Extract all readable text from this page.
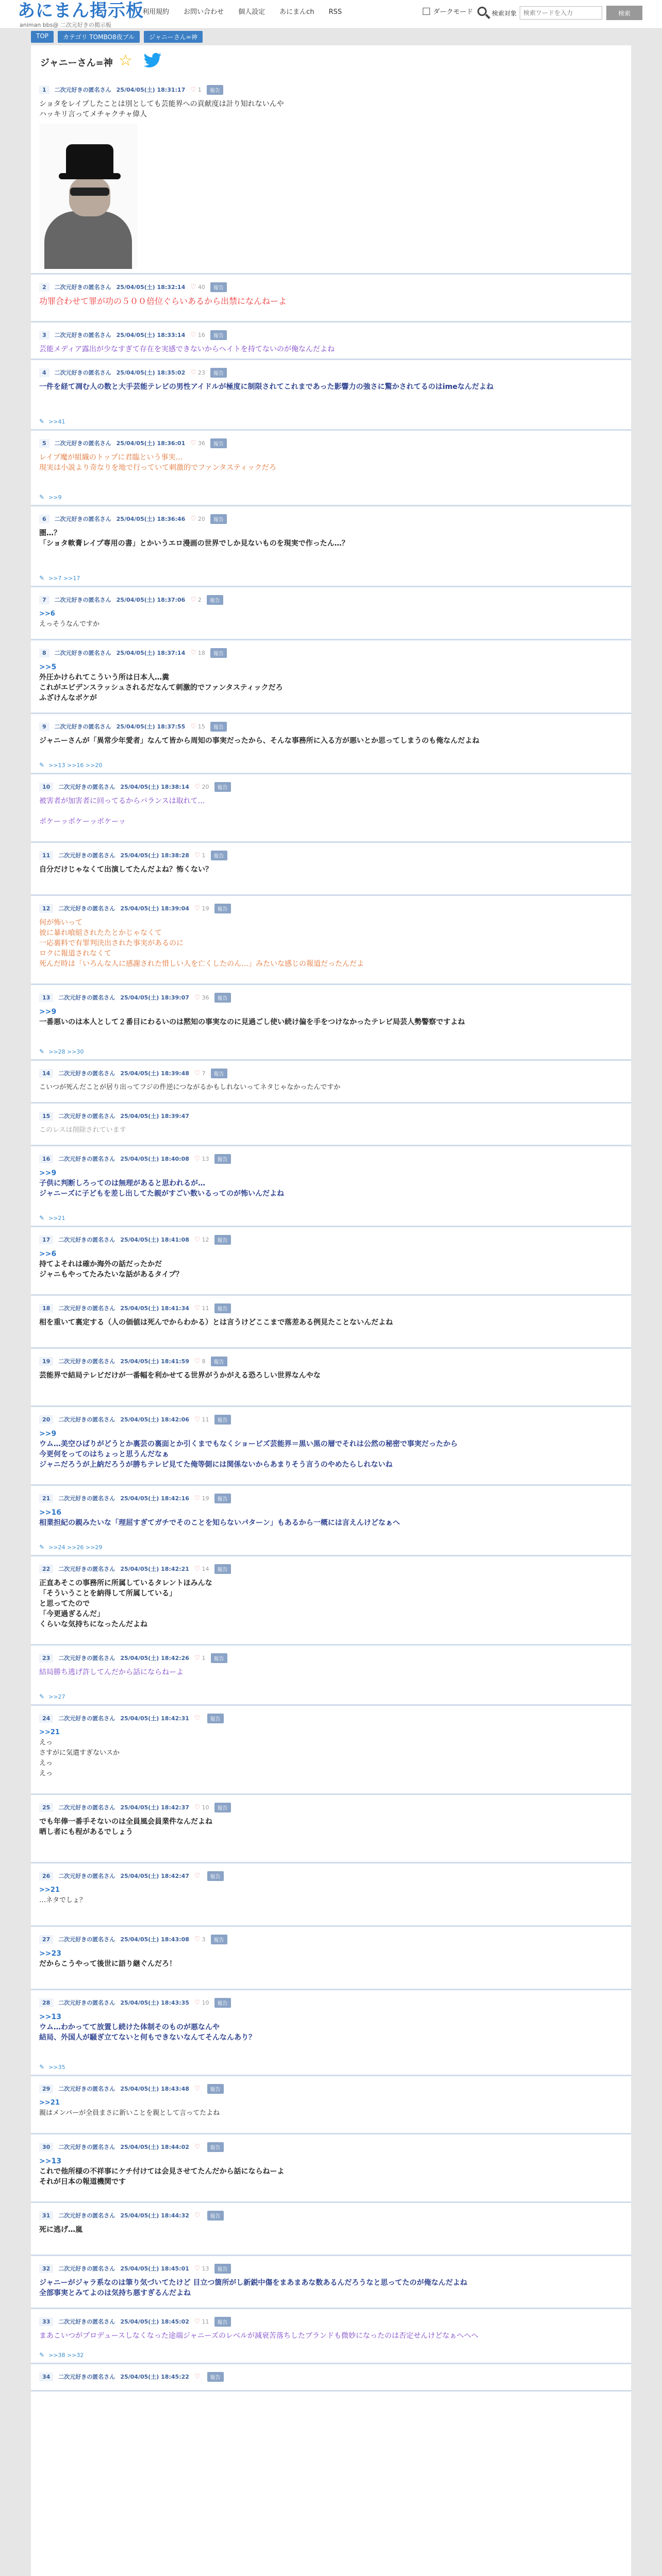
あにまん掲示板
animan bbs@ 二次元好きの掲示板
利用規約	お問い合わせ	個人設定	あにまんch	RSS	ダークモード	検索対象
検索ワードを入力	検索
TOP	カテゴリ TOMBO8夜ブル	ジャニーさん=神
ジャニーさん=神 ☆
1	二次元好きの匿名さん 25/04/05(土) 18:31:17 ♡ 1	報告
ショタをレイプしたことは別としても芸能界への貢献度は計り知れないんや
ハッキリ言ってメチャクチャ偉人
2	二次元好きの匿名さん 25/04/05(土) 18:32:14 ♡ 40	報告
功罪合わせて罪が功の５００倍位ぐらいあるから出禁になんねーよ
3	二次元好きの匿名さん 25/04/05(土) 18:33:14 ♡ 16	報告
芸能メディア露出が少なすぎて存在を実感できないからヘイトを持てないのが俺なんだよね
4	二次元好きの匿名さん 25/04/05(土) 18:35:02 ♡ 23	報告
一件を経て凋む人の数と大手芸能テレビの男性アイドルが極度に制限されてこれまであった影響力の強さに驚かされてるのはimeなんだよね
✎ >>41
5	二次元好きの匿名さん 25/04/05(土) 18:36:01 ♡ 36	報告
レイプ魔が組織のトップに君臨という事実…
現実は小説より奇なりを地で行っていて刺激的でファンタスティックだろ
✎ >>9
6	二次元好きの匿名さん 25/04/05(土) 18:36:46 ♡ 20	報告
圏…？
「ショタ軟膏レイプ専用の書」とかいうエロ漫画の世界でしか見ないものを現実で作ったん…？
✎ >>7 >>17
7	二次元好きの匿名さん 25/04/05(土) 18:37:06 ♡ 2	報告
>>6
えっそうなんですか
8	二次元好きの匿名さん 25/04/05(土) 18:37:14 ♡ 18	報告
>>5
外圧かけられてこういう所は日本人…糞
これがエビデンスラッシュされるだなんて刺激的でファンタスティックだろ
ふざけんなボケが
9	二次元好きの匿名さん 25/04/05(土) 18:37:55 ♡ 15	報告
ジャニーさんが「異常少年愛者」なんて皆から周知の事実だったから、そんな事務所に入る方が悪いとか思ってしまうのも俺なんだよね
✎ >>13 >>16 >>20
10	二次元好きの匿名さん 25/04/05(土) 18:38:14 ♡ 20	報告
被害者が加害者に回ってるからバランスは取れて…

ポケーッポケーッポケーッ
11	二次元好きの匿名さん 25/04/05(土) 18:38:28 ♡ 1	報告
自分だけじゃなくて出演してたんだよね？怖くない？
12	二次元好きの匿名さん 25/04/05(土) 18:39:04 ♡ 19	報告
何が怖いって
彼に暴れ喰組されたたとかじゃなくて
一応裏料で有罪判決出された事実があるのに
ロクに報道されなくて
死んだ時は「いろんな人に感謝された惜しい人を亡くしたのん…」みたいな感じの報道だったんだよ
13	二次元好きの匿名さん 25/04/05(土) 18:39:07 ♡ 36	報告
>>9
一番悪いのは本人として２番目にわるいのは黙知の事実なのに見過ごし使い続け偏を手をつけなかったテレビ局芸人勢警察ですよね
✎ >>28 >>30
14	二次元好きの匿名さん 25/04/05(土) 18:39:48 ♡ 7	報告
こいつが死んだことが居り出ってフジの件逆につながるかもしれないってネタじゃなかったんですか
15	二次元好きの匿名さん 25/04/05(土) 18:39:47
このレスは削除されています
16	二次元好きの匿名さん 25/04/05(土) 18:40:08 ♡ 13	報告
>>9
子供に判断しろってのは無理があると思われるが…
ジャニーズに子どもを差し出してた親がすごい数いるってのが怖いんだよね
✎ >>21
17	二次元好きの匿名さん 25/04/05(土) 18:41:08 ♡ 12	報告
>>6
持てよそれは確か海外の話だったかだ
ジャニもやってたみたいな話があるタイプ？
18	二次元好きの匿名さん 25/04/05(土) 18:41:34 ♡ 11	報告
相を重いて裏定する（人の価値は死んでからわかる）とは言うけどここまで落差ある例見たことないんだよね
19	二次元好きの匿名さん 25/04/05(土) 18:41:59 ♡ 8	報告
芸能界で結局テレビだけが一番幅を利かせてる世界がうかがえる恐ろしい世界なんやな
20	二次元好きの匿名さん 25/04/05(土) 18:42:06 ♡ 11	報告
>>9
ウム…美空ひばりがどうとか裏芸の裏面とか引くまでもなくショービズ芸能界＝黒い黒の層でそれは公然の秘密で事実だったから
今更何をってのはちょっと思うんだなぁ
ジャニだろうが上納だろうが勝ちテレビ見てた俺等側には関係ないからあまりそう言うのやめたらしれないね
21	二次元好きの匿名さん 25/04/05(土) 18:42:16 ♡ 19	報告
>>16
相業担紀の親みたいな「理屈すぎてガチでそのことを知らないパターン」もあるから一概には言えんけどなぁへ
✎ >>24 >>26 >>29
22	二次元好きの匿名さん 25/04/05(土) 18:42:21 ♡ 14	報告
正直あそこの事務所に所属しているタレントほみんな
「そういうことを納得して所属している」
と思ってたので
「今更過ぎるんだ」
くらいな気持ちになったんだよね
23	二次元好きの匿名さん 25/04/05(土) 18:42:26 ♡ 1	報告
結局勝ち逃げ許してんだから話にならねーよ
✎ >>27
24	二次元好きの匿名さん 25/04/05(土) 18:42:31 ♡	報告
>>21
えっ
さすがに気遣すぎないスか
えっ
えっ
25	二次元好きの匿名さん 25/04/05(土) 18:42:37 ♡ 10	報告
でも年俸一番手そないのは全員風会員業件なんだよね
晒し者にも程があるでしょう
26	二次元好きの匿名さん 25/04/05(土) 18:42:47 ♡	報告
>>21
…ネタでしょ？
27	二次元好きの匿名さん 25/04/05(土) 18:43:08 ♡ 3	報告
>>23
だからこうやって後世に語り継ぐんだろ！
28	二次元好きの匿名さん 25/04/05(土) 18:43:35 ♡ 10	報告
>>13
ウム…わかってて放置し続けた体制そのものが悪なんや
結局、外国人が騒ぎ立てないと何もできないなんてそんなんあり？
✎ >>35
29	二次元好きの匿名さん 25/04/05(土) 18:43:48 ♡	報告
>>21
親はメンバーが全員まさに新いことを親として言ってたよね
30	二次元好きの匿名さん 25/04/05(土) 18:44:02 ♡	報告
>>13
これで他所様の不祥事にケチ付けては会見させてたんだから話にならねーよ
それが日本の報道機関です
31	二次元好きの匿名さん 25/04/05(土) 18:44:32 ♡	報告
死に逃げ…嵐
32	二次元好きの匿名さん 25/04/05(土) 18:45:01 ♡ 13	報告
ジャニーがジャラ系なのは筆り気づいてたけど 目立つ箇所がし新鋭中傷をまあまあな数あるんだろうなと思ってたのが俺なんだよね
全部事実とみてよのは気持ち悪すぎるんだよね
33	二次元好きの匿名さん 25/04/05(土) 18:45:02 ♡ 11	報告
まあこいつがプロデュースしなくなった途端ジャニーズのレベルが減衰苦落ちしたブランドも微妙になったのは否定せんけどなぁへへへ
✎ >>38 >>32
34	二次元好きの匿名さん 25/04/05(土) 18:45:22 ♡	報告
